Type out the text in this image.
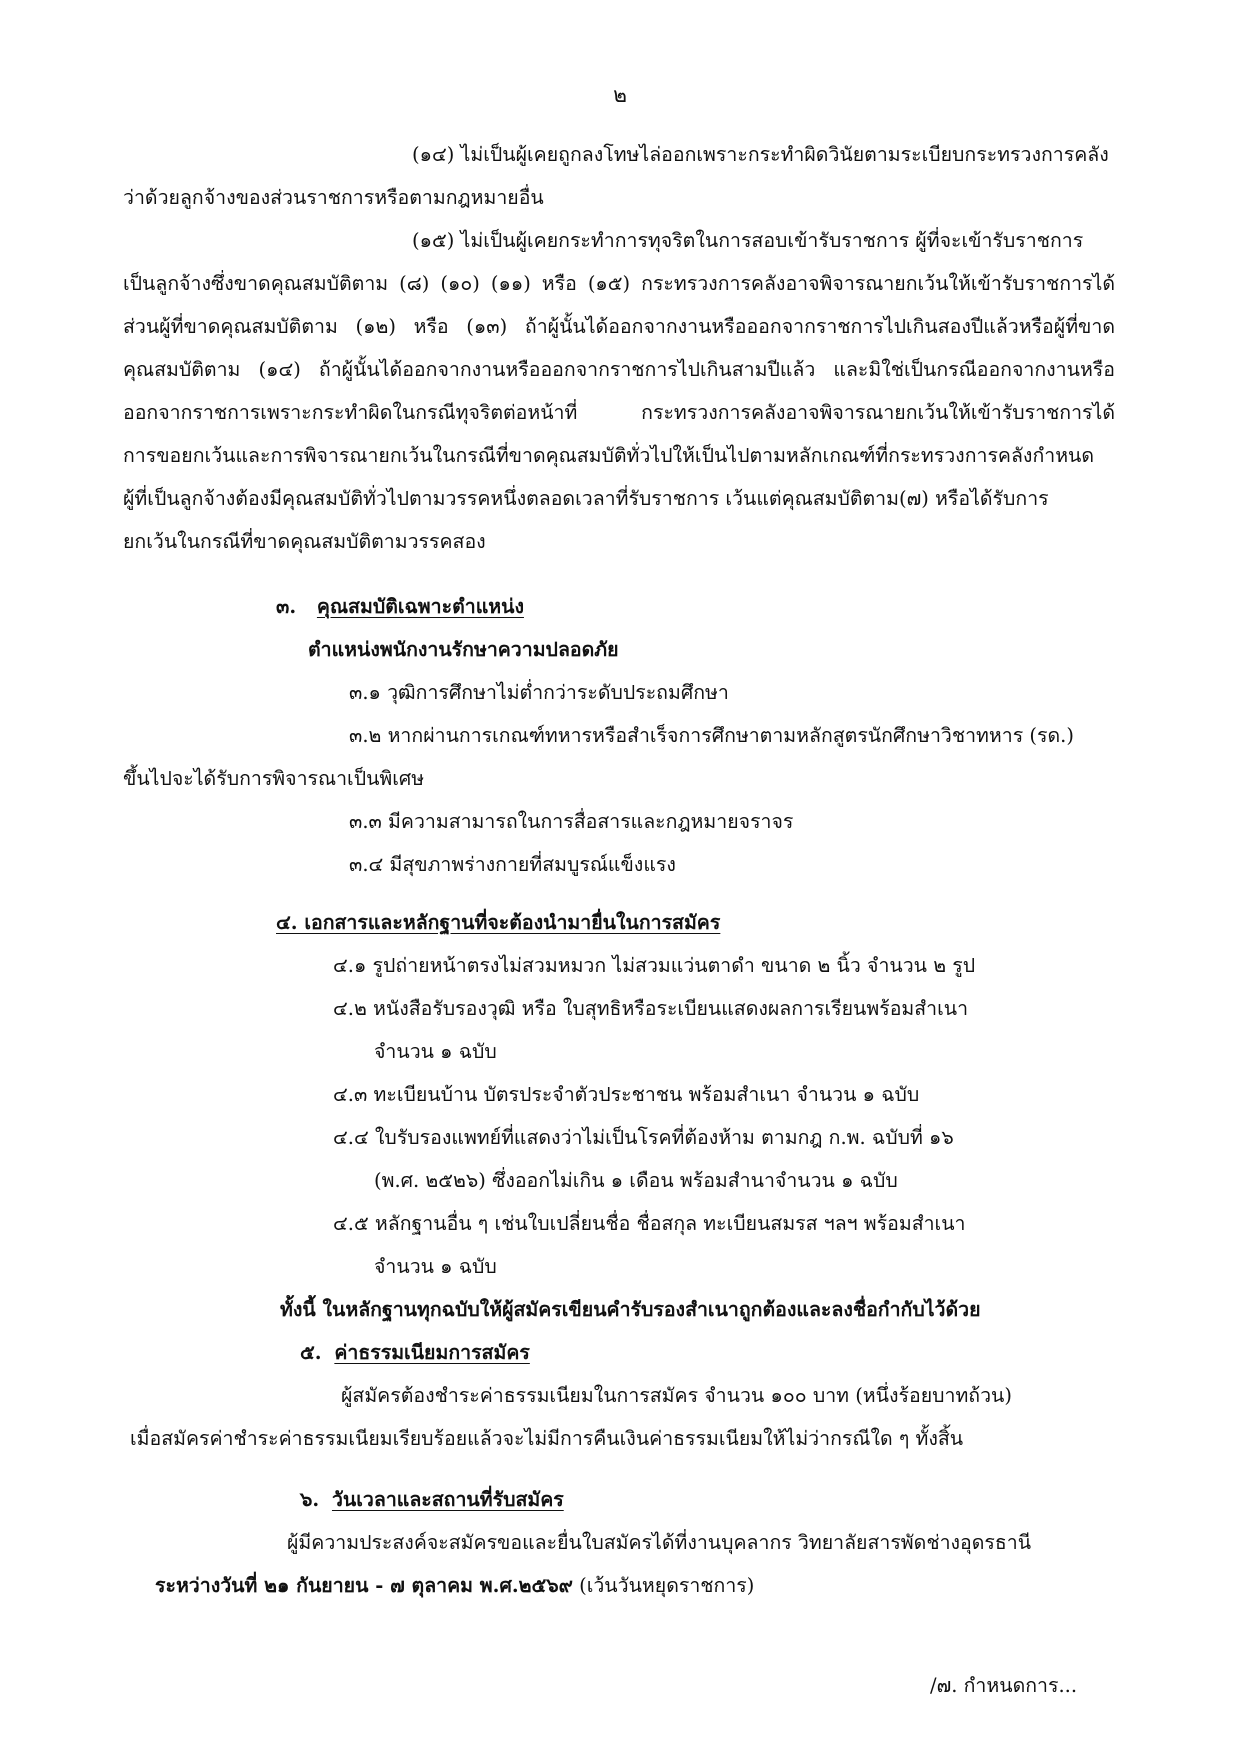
๒
(๑๔) ไม่เป็นผู้เคยถูกลงโทษไล่ออกเพราะกระทำผิดวินัยตามระเบียบกระทรวงการคลัง
ว่าด้วยลูกจ้างของส่วนราชการหรือตามกฎหมายอื่น
(๑๕) ไม่เป็นผู้เคยกระทำการทุจริตในการสอบเข้ารับราชการ ผู้ที่จะเข้ารับราชการ
เป็นลูกจ้างซึ่งขาดคุณสมบัติตาม (๘) (๑๐) (๑๑) หรือ (๑๕) กระทรวงการคลังอาจพิจารณายกเว้นให้เข้ารับราชการได้
ส่วนผู้ที่ขาดคุณสมบัติตาม (๑๒) หรือ (๑๓) ถ้าผู้นั้นได้ออกจากงานหรือออกจากราชการไปเกินสองปีแล้วหรือผู้ที่ขาด
คุณสมบัติตาม (๑๔) ถ้าผู้นั้นได้ออกจากงานหรือออกจากราชการไปเกินสามปีแล้ว และมิใช่เป็นกรณีออกจากงานหรือ
ออกจากราชการเพราะกระทำผิดในกรณีทุจริตต่อหน้าที่ กระทรวงการคลังอาจพิจารณายกเว้นให้เข้ารับราชการได้
การขอยกเว้นและการพิจารณายกเว้นในกรณีที่ขาดคุณสมบัติทั่วไปให้เป็นไปตามหลักเกณฑ์ที่กระทรวงการคลังกำหนด
ผู้ที่เป็นลูกจ้างต้องมีคุณสมบัติทั่วไปตามวรรคหนึ่งตลอดเวลาที่รับราชการ เว้นแต่คุณสมบัติตาม(๗) หรือได้รับการ
ยกเว้นในกรณีที่ขาดคุณสมบัติตามวรรคสอง
๓. คุณสมบัติเฉพาะตำแหน่ง
ตำแหน่งพนักงานรักษาความปลอดภัย
๓.๑ วุฒิการศึกษาไม่ต่ำกว่าระดับประถมศึกษา
๓.๒ หากผ่านการเกณฑ์ทหารหรือสำเร็จการศึกษาตามหลักสูตรนักศึกษาวิชาทหาร (รด.)
ขึ้นไปจะได้รับการพิจารณาเป็นพิเศษ
๓.๓ มีความสามารถในการสื่อสารและกฎหมายจราจร
๓.๔ มีสุขภาพร่างกายที่สมบูรณ์แข็งแรง
๔. เอกสารและหลักฐานที่จะต้องนำมายื่นในการสมัคร
๔.๑ รูปถ่ายหน้าตรงไม่สวมหมวก ไม่สวมแว่นตาดำ ขนาด ๒ นิ้ว จำนวน ๒ รูป
๔.๒ หนังสือรับรองวุฒิ หรือ ใบสุทธิหรือระเบียนแสดงผลการเรียนพร้อมสำเนา
จำนวน ๑ ฉบับ
๔.๓ ทะเบียนบ้าน บัตรประจำตัวประชาชน พร้อมสำเนา จำนวน ๑ ฉบับ
๔.๔ ใบรับรองแพทย์ที่แสดงว่าไม่เป็นโรคที่ต้องห้าม ตามกฎ ก.พ. ฉบับที่ ๑๖
(พ.ศ. ๒๕๒๖) ซึ่งออกไม่เกิน ๑ เดือน พร้อมสำนาจำนวน ๑ ฉบับ
๔.๕ หลักฐานอื่น ๆ เช่นใบเปลี่ยนชื่อ ชื่อสกุล ทะเบียนสมรส ฯลฯ พร้อมสำเนา
จำนวน ๑ ฉบับ
ทั้งนี้ ในหลักฐานทุกฉบับให้ผู้สมัครเขียนคำรับรองสำเนาถูกต้องและลงชื่อกำกับไว้ด้วย
๕. ค่าธรรมเนียมการสมัคร
ผู้สมัครต้องชำระค่าธรรมเนียมในการสมัคร จำนวน ๑๐๐ บาท (หนึ่งร้อยบาทถ้วน)
เมื่อสมัครค่าชำระค่าธรรมเนียมเรียบร้อยแล้วจะไม่มีการคืนเงินค่าธรรมเนียมให้ไม่ว่ากรณีใด ๆ ทั้งสิ้น
๖. วันเวลาและสถานที่รับสมัคร
ผู้มีความประสงค์จะสมัครขอและยื่นใบสมัครได้ที่งานบุคลากร วิทยาลัยสารพัดช่างอุดรธานี
ระหว่างวันที่ ๒๑ กันยายน - ๗ ตุลาคม พ.ศ.๒๕๖๙ (เว้นวันหยุดราชการ)
/๗. กำหนดการ...
